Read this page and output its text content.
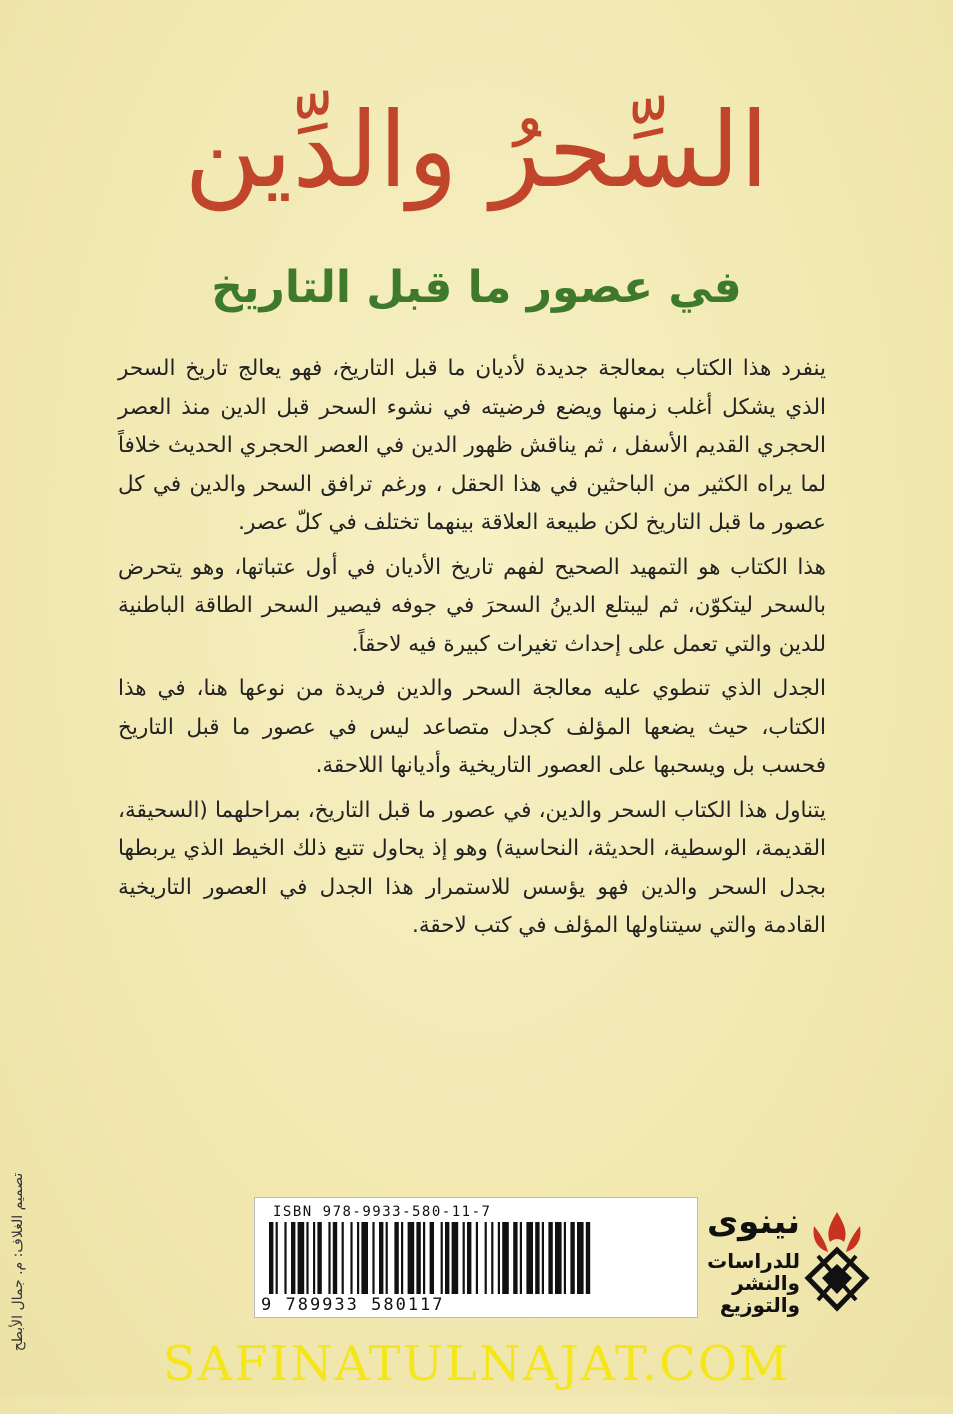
السِّحرُ والدِّين
في عصور ما قبل التاريخ

ينفرد هذا الكتاب بمعالجة جديدة لأديان ما قبل التاريخ، فهو يعالج تاريخ السحر الذي يشكل أغلب زمنها ويضع فرضيته في نشوء السحر قبل الدين منذ العصر الحجري القديم الأسفل ، ثم يناقش ظهور الدين في العصر الحجري الحديث خلافاً لما يراه الكثير من الباحثين في هذا الحقل ، ورغم ترافق السحر والدين في كل عصور ما قبل التاريخ لكن طبيعة العلاقة بينهما تختلف في كلّ عصر.

هذا الكتاب هو التمهيد الصحيح لفهم تاريخ الأديان في أول عتباتها، وهو يتحرض بالسحر ليتكوّن، ثم ليبتلع الدينُ السحرَ في جوفه فيصير السحر الطاقة الباطنية للدين والتي تعمل على إحداث تغيرات كبيرة فيه لاحقاً.

الجدل الذي تنطوي عليه معالجة السحر والدين فريدة من نوعها هنا، في هذا الكتاب، حيث يضعها المؤلف كجدل متصاعد ليس في عصور ما قبل التاريخ فحسب بل ويسحبها على العصور التاريخية وأديانها اللاحقة.

يتناول هذا الكتاب السحر والدين، في عصور ما قبل التاريخ، بمراحلهما (السحيقة، القديمة، الوسطية، الحديثة، النحاسية) وهو إذ يحاول تتبع ذلك الخيط الذي يربطها بجدل السحر والدين فهو يؤسس للاستمرار هذا الجدل في العصور التاريخية القادمة والتي سيتناولها المؤلف في كتب لاحقة.

تصميم الغلاف: م. جمال الأبطح	ISBN 978-9933-580-11-7
9 789933 580117
نينوى
للدراسات
والنشر
والتوزيع
SAFINATULNAJAT.COM
